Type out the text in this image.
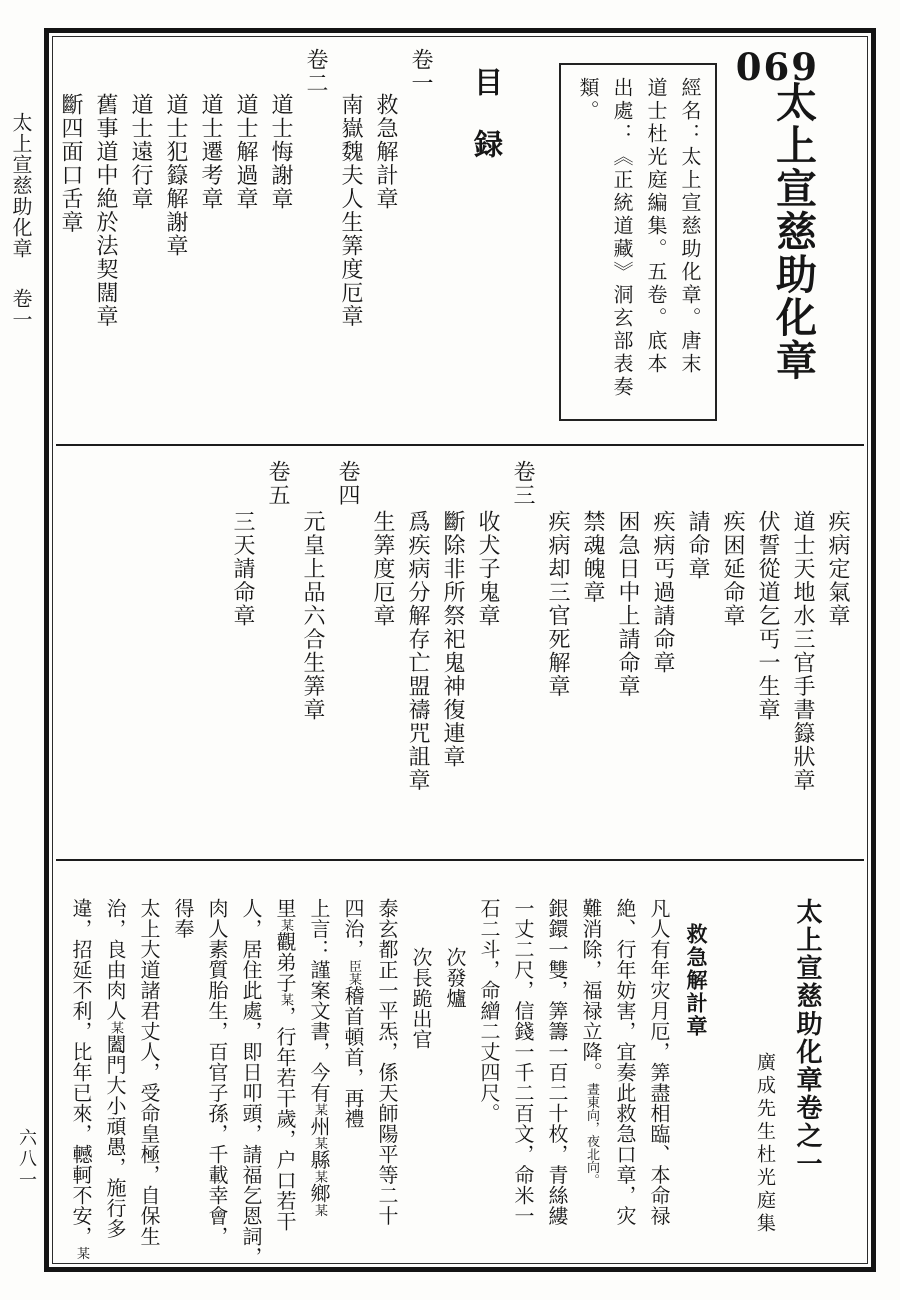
太上宣慈助化章 卷一
六八一
069
太上宣慈助化章
經名：太上宣慈助化章。唐末
道士杜光庭編集。五卷。底本
出處：《正統道藏》洞玄部表奏
類。
目　録
卷一
救急解計章
南嶽魏夫人生筭度厄章
卷二
道士悔謝章
道士解過章
道士遷考章
道士犯籙解謝章
道士遠行章
舊事道中絶於法契闊章
斷四面口舌章
疾病定氣章
道士天地水三官手書籙狀章
伏誓從道乞丐一生章
疾困延命章
請命章
疾病丐過請命章
困急日中上請命章
禁魂魄章
疾病却三官死解章
卷三
收犬子鬼章
斷除非所祭祀鬼神復連章
爲疾病分解存亡盟禱咒詛章
生筭度厄章
卷四
元皇上品六合生筭章
卷五
三天請命章
太上宣慈助化章卷之一
廣成先生杜光庭集
救急解計章
凡人有年灾月厄，筭盡相臨、本命禄
絶、行年妨害，宜奏此救急口章，灾
難消除，福禄立降。晝東向，夜北向。
銀鐶一雙，筭籌一百二十枚，青絲縷
一丈二尺，信錢一千二百文，命米一
石二斗，命繒二丈四尺。
次發爐
次長跪出官
泰玄都正一平炁，係天師陽平等二十
四治，臣某稽首頓首，再禮
上言：謹案文書，今有某州某縣某鄉某
里某觀弟子某，行年若干歲，户口若干
人，居住此處，即日叩頭，請福乞恩詞，
肉人素質胎生，百官子孫，千載幸會，
得奉
太上大道諸君丈人，受命皇極，自保生
治，良由肉人某闔門大小頑愚，施行多
違，招延不利，比年已來，轗軻不安，某
